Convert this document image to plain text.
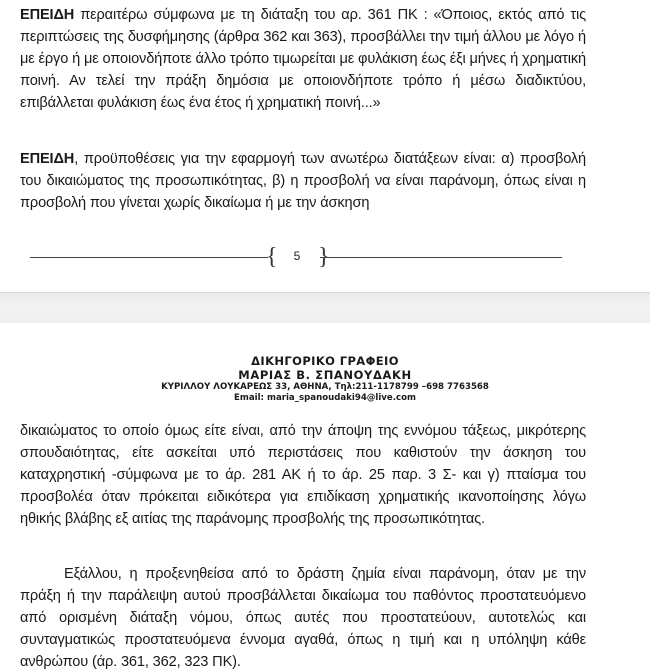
ΕΠΕΙΔΗ περαιτέρω σύμφωνα με τη διάταξη του αρ. 361 ΠΚ : «Όποιος, εκτός από τις περιπτώσεις της δυσφήμησης (άρθρα 362 και 363), προσβάλλει την τιμή άλλου με λόγο ή με έργο ή με οποιονδήποτε άλλο τρόπο τιμωρείται με φυλάκιση έως έξι μήνες ή χρηματική ποινή. Αν τελεί την πράξη δημόσια με οποιονδήποτε τρόπο ή μέσω διαδικτύου, επιβάλλεται φυλάκιση έως ένα έτος ή χρηματική ποινή...»

ΕΠΕΙΔΗ, προϋποθέσεις για την εφαρμογή των ανωτέρω διατάξεων είναι: α) προσβολή του δικαιώματος της προσωπικότητας, β) η προσβολή να είναι παράνομη, όπως είναι η προσβολή που γίνεται χωρίς δικαίωμα ή με την άσκηση

{	5 }
ΔΙΚΗΓΟΡΙΚΟ ΓΡΑΦΕΙΟ
ΜΑΡΙΑΣ Β. ΣΠΑΝΟΥΔΑΚΗ
ΚΥΡΙΛΛΟΥ ΛΟΥΚΑΡΕΩΣ 33, ΑΘΗΝΑ, Τηλ:211-1178799 –698 7763568
Email: maria_spanoudaki94@live.com

δικαιώματος το οποίο όμως είτε είναι, από την άποψη της εννόμου τάξεως, μικρότερης σπουδαιότητας, είτε ασκείται υπό περιστάσεις που καθιστούν την άσκηση του καταχρηστική -σύμφωνα με το άρ. 281 ΑΚ ή το άρ. 25 παρ. 3 Σ- και γ) πταίσμα του προσβολέα όταν πρόκειται ειδικότερα για επιδίκαση χρηματικής ικανοποίησης λόγω ηθικής βλάβης εξ αιτίας της παράνομης προσβολής της προσωπικότητας.

Εξάλλου, η προξενηθείσα από το δράστη ζημία είναι παράνομη, όταν με την πράξη ή την παράλειψη αυτού προσβάλλεται δικαίωμα του παθόντος προστατευόμενο από ορισμένη διάταξη νόμου, όπως αυτές που προστατεύουν, αυτοτελώς και συνταγματικώς προστατευόμενα έννομα αγαθά, όπως η τιμή και η υπόληψη κάθε ανθρώπου (άρ. 361, 362, 323 ΠΚ).
